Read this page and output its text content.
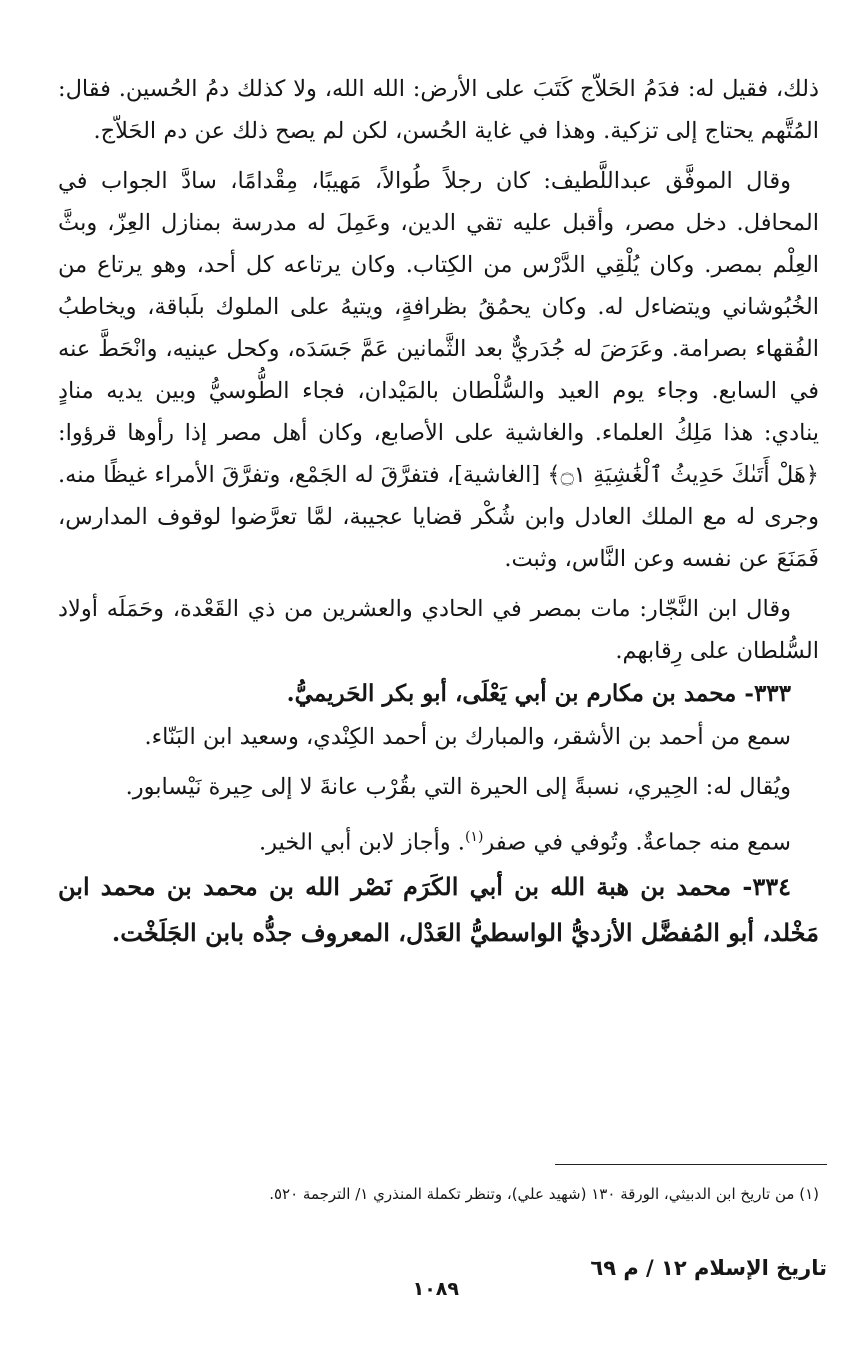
ذلك، فقيل له: فدَمُ الحَلاّج كَتَبَ على الأرض: الله الله، ولا كذلك دمُ الحُسين. فقال: المُتَّهم يحتاج إلى تزكية. وهذا في غاية الحُسن، لكن لم يصح ذلك عن دم الحَلاّج.

وقال الموفَّق عبداللَّطيف: كان رجلاً طُوالاً، مَهيبًا، مِقْدامًا، سادَّ الجواب في المحافل. دخل مصر، وأقبل عليه تقي الدين، وعَمِلَ له مدرسة بمنازل العِزّ، وبثَّ العِلْم بمصر. وكان يُلْقِي الدَّرْس من الكِتاب. وكان يرتاعه كل أحد، وهو يرتاع من الخُبُوشاني ويتضاءل له. وكان يحمُقُ بظرافةٍ، ويتيهُ على الملوك بلَباقة، ويخاطبُ الفُقهاء بصرامة. وعَرَضَ له جُدَريٌّ بعد الثَّمانين عَمَّ جَسَدَه، وكحل عينيه، وانْحَطَّ عنه في السابع. وجاء يوم العيد والسُّلْطان بالمَيْدان، فجاء الطُّوسيُّ وبين يديه منادٍ ينادي: هذا مَلِكُ العلماء. والغاشية على الأصابع، وكان أهل مصر إذا رأوها قرؤوا: ﴿هَلْ أَتَىٰكَ حَدِيثُ ٱلْغَٰشِيَةِ ۝١﴾ [الغاشية]، فتفرَّقَ له الجَمْع، وتفرَّقَ الأمراء غيظًا منه. وجرى له مع الملك العادل وابن شُكْر قضايا عجيبة، لمَّا تعرَّضوا لوقوف المدارس، فَمَنَعَ عن نفسه وعن النَّاس، وثبت.

وقال ابن النَّجّار: مات بمصر في الحادي والعشرين من ذي القَعْدة، وحَمَلَه أولاد السُّلطان على رِقابهم.

٣٣٣- محمد بن مكارم بن أبي يَعْلَى، أبو بكر الحَريميُّ.

سمع من أحمد بن الأشقر، والمبارك بن أحمد الكِنْدي، وسعيد ابن البَنّاء.

ويُقال له: الحِيري، نسبةً إلى الحيرة التي بقُرْب عانةَ لا إلى حِيرة نَيْسابور.

سمع منه جماعةٌ. وتُوفي في صفر$^{(١)}$. وأجاز لابن أبي الخير.

٣٣٤- محمد بن هبة الله بن أبي الكَرَم نَصْر الله بن محمد بن محمد ابن مَخْلد، أبو المُفضَّل الأزديُّ الواسطيُّ العَدْل، المعروف جدُّه بابن الجَلَخْت.

(١) من تاريخ ابن الدبيثي، الورقة ١٣٠ (شهيد علي)، وتنظر تكملة المنذري ١/ الترجمة ٥٢٠.
تاريخ الإسلام ١٢ / م ٦٩
١٠٨٩
